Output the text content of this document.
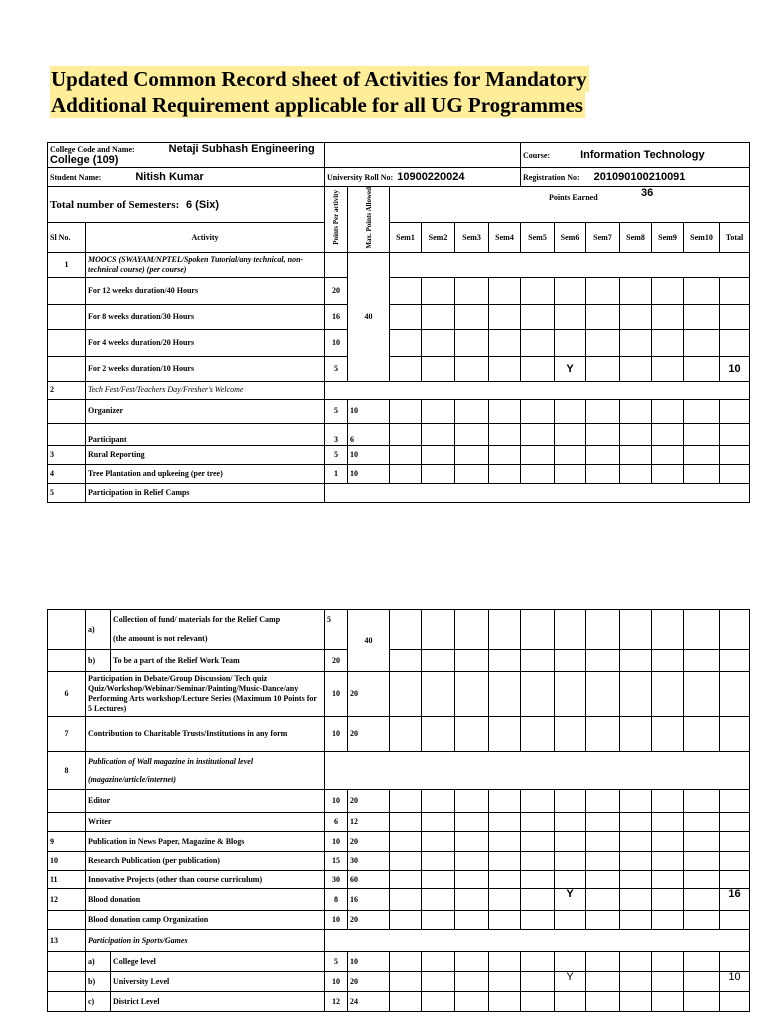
Updated Common Record sheet of Activities for Mandatory
Additional Requirement applicable for all UG Programmes
College Code and Name: Netaji Subhash Engineering College (109)								Course: Information Technology						
Student Name: Nitish Kumar		University Roll No: 10900220024						Registration No: 201090100210091						
Total number of Semesters: 6 (Six)		Points Per activity	Max. Points Allowed	Points Earned 36										

Sl No.	Activity			Sem1	Sem2	Sem3	Sem4	Sem5	Sem6	Sem7	Sem8	Sem9	Sem10	Total
1	MOOCS (SWAYAM/NPTEL/Spoken Tutorial/any technical, non-technical course) (per course)		40											
	For 12 weeks duration/40 Hours	20												
	For 8 weeks duration/30 Hours	16												
	For 4 weeks duration/20 Hours	10												
	For 2 weeks duration/10 Hours	5							Y					10
2	Tech Fest/Fest/Teachers Day/Fresher's Welcome													
	Organizer	5	10											
	Participant	3	6											
3	Rural Reporting	5	10											
4	Tree Plantation and upkeeing (per tree)	1	10											
5	Participation in Relief Camps													
	a)	Collection of fund/ materials for the Relief Camp	5	40											
		(the amount is not relevant)													
	b)	To be a part of the Relief Work Team	20												
6	Participation in Debate/Group Discussion/ Tech quiz Quiz/Workshop/Webinar/Seminar/Painting/Music-Dance/any Performing Arts workshop/Lecture Series (Maximum 10 Points for 5 Lectures)		10	20											
7	Contribution to Charitable Trusts/Institutions in any form		10	20											
8	Publication of Wall magazine in institutional level
(magazine/article/internet)														

	Editor		10	20											
	Writer		6	12											
9	Publication in News Paper, Magazine & Blogs		10	20											
10	Research Publication (per publication)		15	30											
11	Innovative Projects (other than course curriculum)		30	60											
12	Blood donation		8	16						Y					16
	Blood donation camp Organization		10	20											
13	Participation in Sports/Games														
	a)	College level	5	10											
	b)	University Level	10	20						Y					10
	c)	District Level	12	24											
